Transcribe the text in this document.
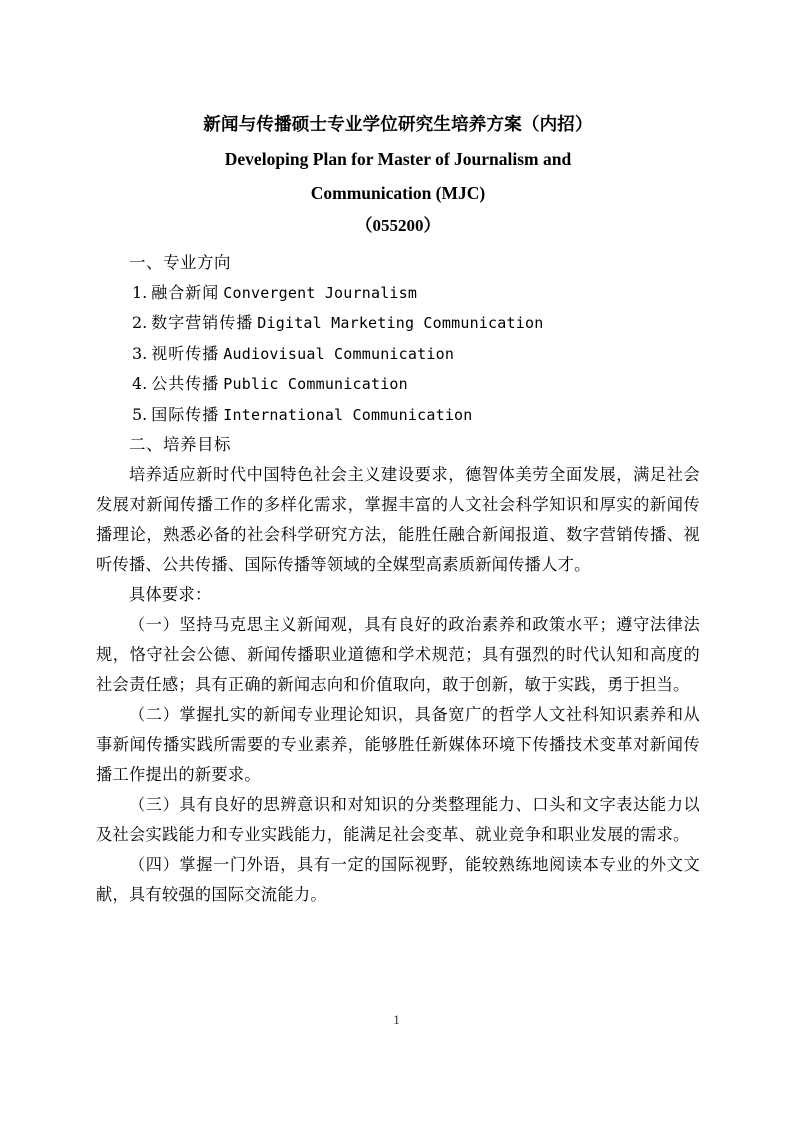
新闻与传播硕士专业学位研究生培养方案（内招）
Developing Plan for Master of Journalism and
Communication (MJC)
（055200）
一、专业方向
1. 融合新闻 Convergent Journalism
2. 数字营销传播 Digital Marketing Communication
3. 视听传播 Audiovisual Communication
4. 公共传播 Public Communication
5. 国际传播 International Communication
二、培养目标

培养适应新时代中国特色社会主义建设要求，德智体美劳全面发展，满足社会发展对新闻传播工作的多样化需求，掌握丰富的人文社会科学知识和厚实的新闻传播理论，熟悉必备的社会科学研究方法，能胜任融合新闻报道、数字营销传播、视听传播、公共传播、国际传播等领域的全媒型高素质新闻传播人才。

具体要求：

（一）坚持马克思主义新闻观，具有良好的政治素养和政策水平；遵守法律法规，恪守社会公德、新闻传播职业道德和学术规范；具有强烈的时代认知和高度的社会责任感；具有正确的新闻志向和价值取向，敢于创新，敏于实践，勇于担当。

（二）掌握扎实的新闻专业理论知识，具备宽广的哲学人文社科知识素养和从事新闻传播实践所需要的专业素养，能够胜任新媒体环境下传播技术变革对新闻传播工作提出的新要求。

（三）具有良好的思辨意识和对知识的分类整理能力、口头和文字表达能力以及社会实践能力和专业实践能力，能满足社会变革、就业竞争和职业发展的需求。

（四）掌握一门外语，具有一定的国际视野，能较熟练地阅读本专业的外文文献，具有较强的国际交流能力。

1
